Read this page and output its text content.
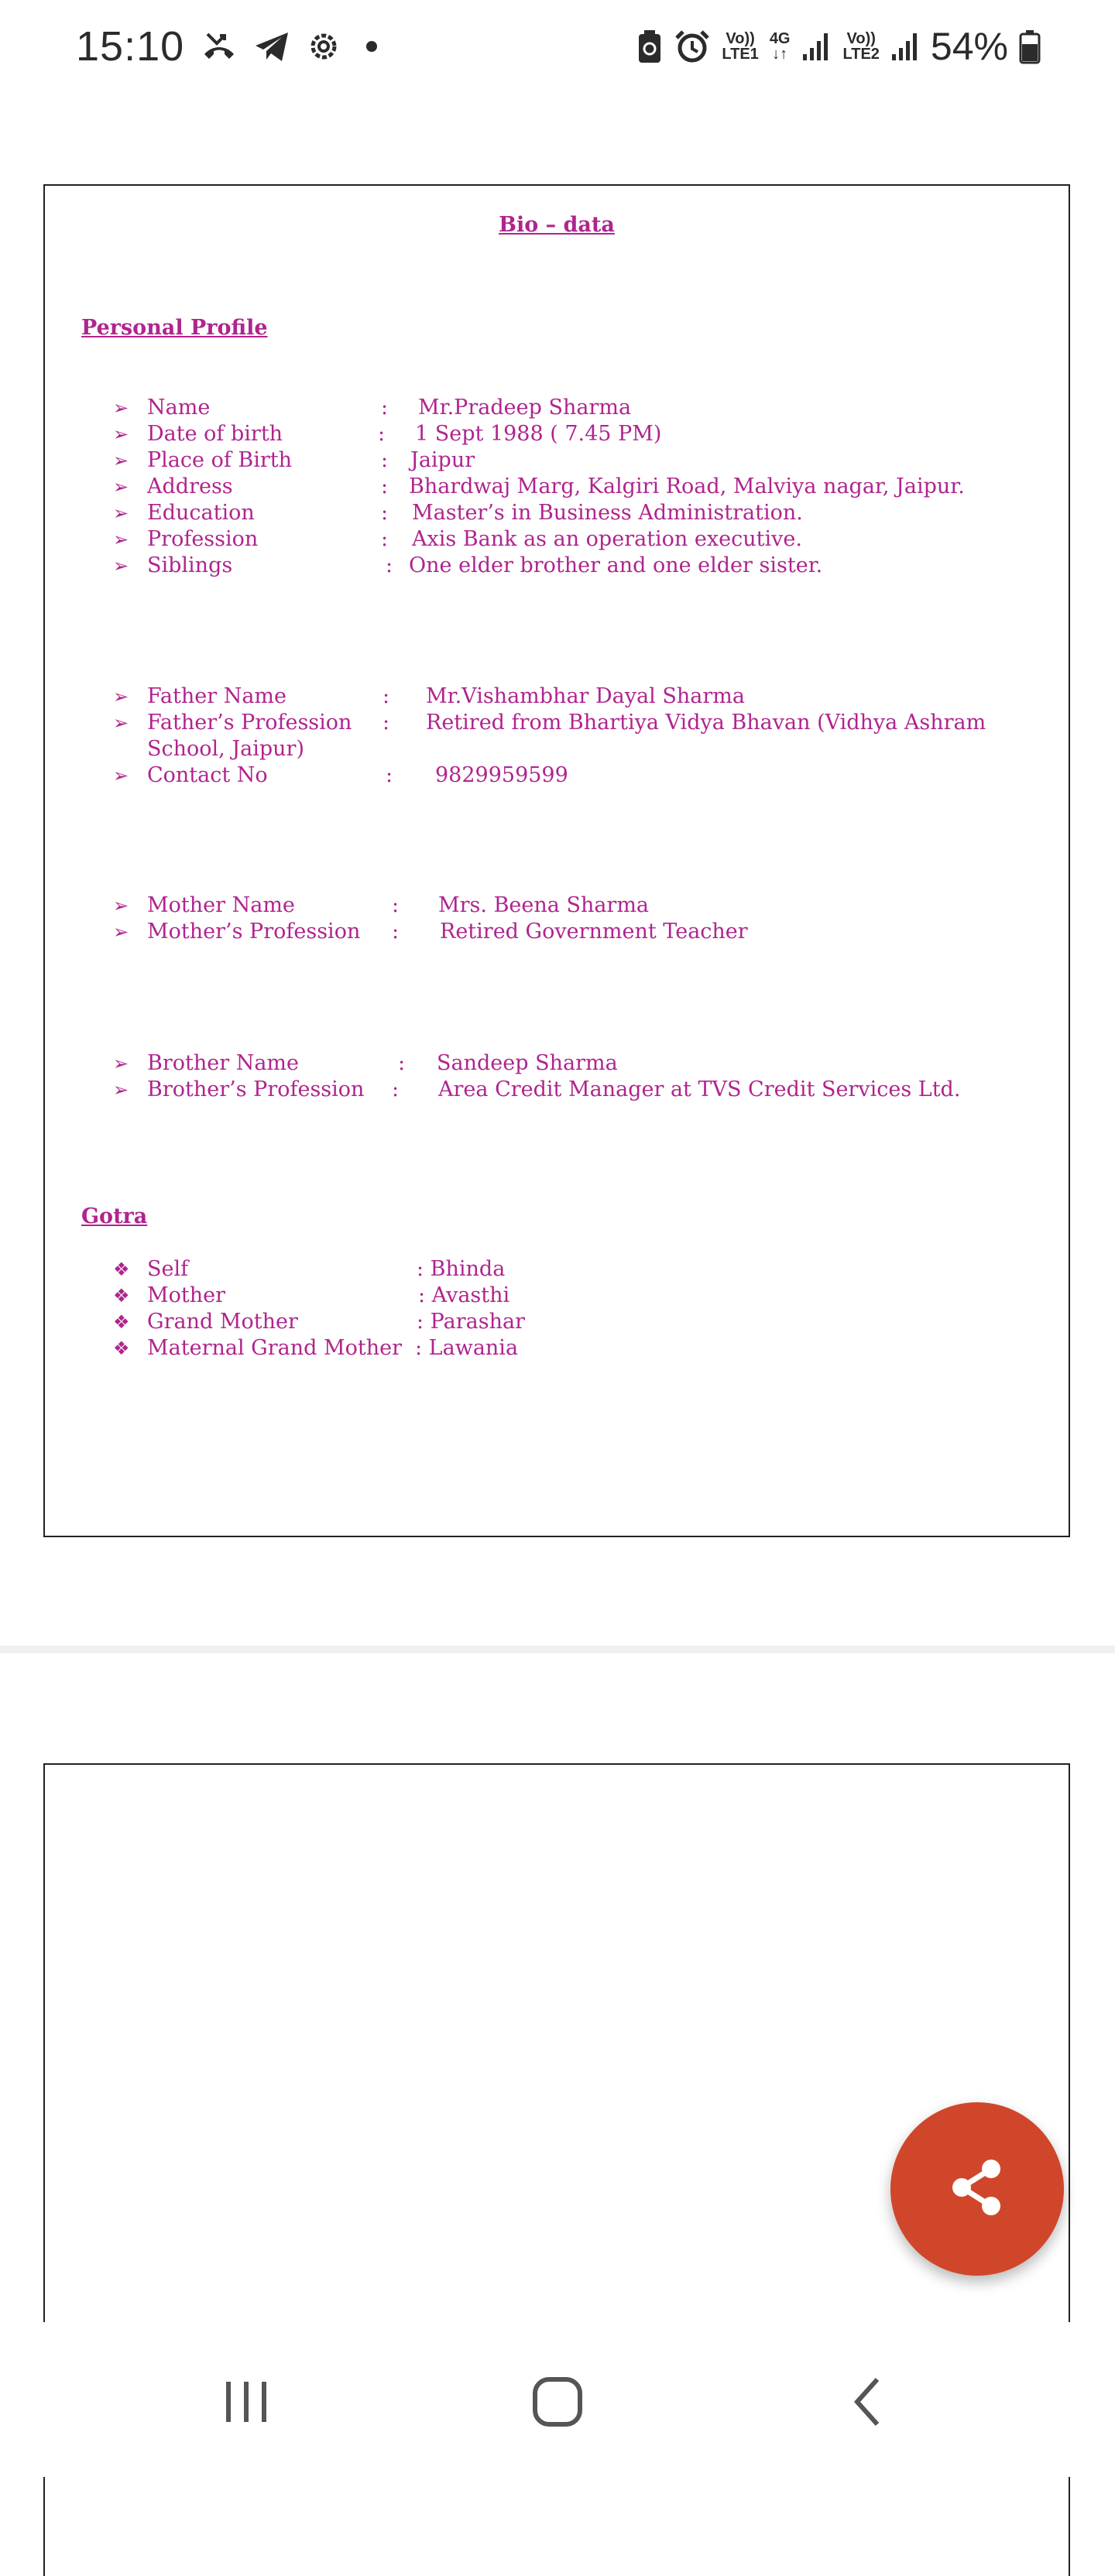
15:10	Vo))
LTE1
4G
↓↑
Vo))
LTE2 54%
Bio – data
Personal Profile
➢ Name	: Mr.Pradeep Sharma
➢ Date of birth	: 1 Sept 1988 ( 7.45 PM)
➢ Place of Birth	: Jaipur
➢ Address	: Bhardwaj Marg, Kalgiri Road, Malviya nagar, Jaipur.
➢ Education	: Master’s in Business Administration.
➢ Profession	: Axis Bank as an operation executive.
➢ Siblings	: One elder brother and one elder sister.
➢ Father Name	: Mr.Vishambhar Dayal Sharma
➢ Father’s Profession : Retired from Bhartiya Vidya Bhavan (Vidhya Ashram
School, Jaipur)
➢ Contact No	: 9829959599
➢ Mother Name	: Mrs. Beena Sharma
➢ Mother’s Profession : Retired Government Teacher
➢ Brother Name	: Sandeep Sharma
➢ Brother’s Profession : Area Credit Manager at TVS Credit Services Ltd.
Gotra
❖ Self	: Bhinda
❖ Mother	: Avasthi
❖ Grand Mother	: Parashar
❖ Maternal Grand Mother : Lawania
